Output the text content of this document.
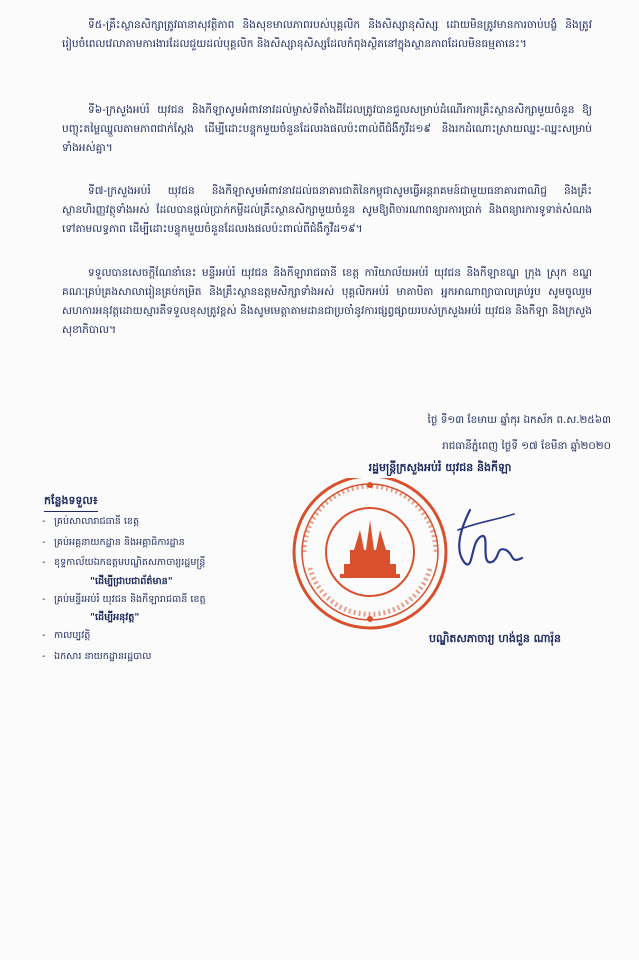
ទី៥-គ្រឹះស្ថានសិក្សាត្រូវធានាសុវត្ថិភាព និងសុខមាលភាពរបស់បុគ្គលិក និងសិស្សានុសិស្ស ដោយមិនត្រូវមានការចាប់បង្ខំ និងត្រូវរៀបចំពេលវេលាតាមការងារដែលជួយដល់បុគ្គលិក និងសិស្សានុសិស្សដែលកំពុងស្ថិតនៅក្នុងស្ថានភាពដែលមិនធម្មតានេះ។

ទី៦-ក្រសួងអប់រំ យុវជន និងកីឡាសូមអំពាវនាវដល់ម្ចាស់ទីតាំងដីដែលត្រូវបានជួលសម្រាប់ដំណើរការគ្រឹះស្ថានសិក្សាមួយចំនួន ឱ្យបញ្ចុះតម្លៃឈ្នួលតាមភាពជាក់ស្តែង ដើម្បីដោះបន្ទុកមួយចំនួនដែលរងផលប៉ះពាល់ពីជំងឺកូវីដ១៩ និងរកដំណោះស្រាយឈ្នះ-ឈ្នះសម្រាប់ទាំងអស់គ្នា។

ទី៧-ក្រសួងអប់រំ យុវជន និងកីឡាសូមអំពាវនាវដល់ធនាគារជាតិនៃកម្ពុជាសូមធ្វើអន្តរាគមន៍ជាមួយធនាគារពាណិជ្ជ និងគ្រឹះស្ថានហិរញ្ញវត្ថុទាំងអស់ ដែលបានផ្តល់ប្រាក់កម្ចីដល់គ្រឹះស្ថានសិក្សាមួយចំនួន សូមឱ្យពិចារណាពន្យារការប្រាក់ និងពន្យារការទូទាត់សំណងទៅតាមលទ្ធភាព ដើម្បីដោះបន្ទុកមួយចំនួនដែលរងផលប៉ះពាល់ពីជំងឺកូវីដ១៩។

ទទួលបានសេចក្តីណែនាំនេះ មន្ទីរអប់រំ យុវជន និងកីឡារាជធានី ខេត្ត ការិយាល័យអប់រំ យុវជន និងកីឡាខណ្ឌ ក្រុង ស្រុក ខណ្ឌ គណៈគ្រប់គ្រងសាលារៀនគ្រប់កម្រិត និងគ្រឹះស្ថានឧត្តមសិក្សាទាំងអស់ បុគ្គលិកអប់រំ មាតាបិតា អ្នកអាណាព្យាបាលគ្រប់រូប សូមចូលរួមសហការអនុវត្តដោយស្មារតីទទួលខុសត្រូវខ្ពស់ និងសូមមេត្តាតាមដានជាប្រចាំនូវការផ្សព្វផ្សាយរបស់ក្រសួងអប់រំ យុវជន និងកីឡា និងក្រសួងសុខាភិបាល។

ថ្ងៃ ទី១៣ ខែមាឃ ឆ្នាំកុរ ឯកស័ក ព.ស.២៥៦៣
រាជធានីភ្នំពេញ ថ្ងៃទី ១៧ ខែមីនា ឆ្នាំ២០២០
រដ្ឋមន្ត្រីក្រសួងអប់រំ យុវជន និងកីឡា
កន្លែងទទួល៖
- គ្រប់សាលារាជធានី ខេត្ត
- គ្រប់អគ្គនាយកដ្ឋាន និងអគ្គាធិការដ្ឋាន
- ខុទ្ទកាល័យឯកឧត្តមបណ្ឌិតសភាចារ្យរដ្ឋមន្ត្រី
"ដើម្បីជ្រាបជាព័ត៌មាន"
- គ្រប់មន្ទីរអប់រំ យុវជន និងកីឡារាជធានី ខេត្ត
"ដើម្បីអនុវត្ត"
- កាលប្បវត្តិ
- ឯកសារ នាយកដ្ឋានរដ្ឋបាល
បណ្ឌិតសភាចារ្យ ហង់ជួន ណារ៉ុន
